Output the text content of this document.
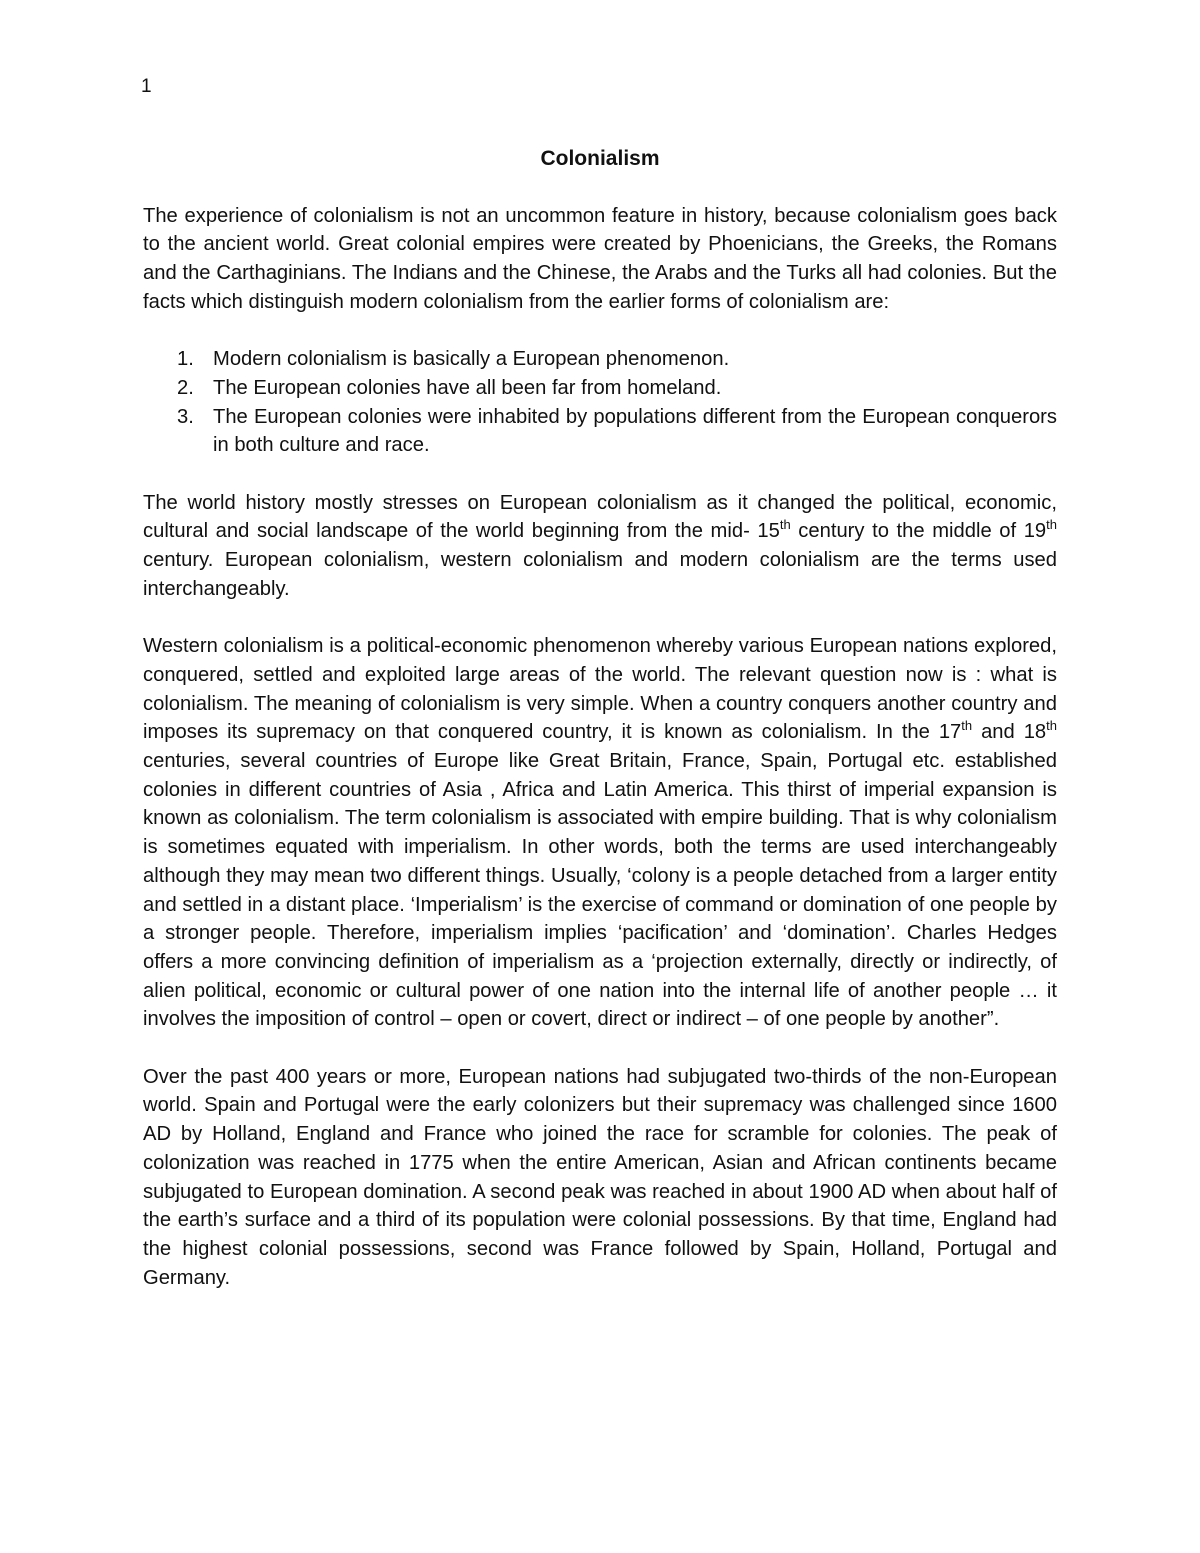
1
Colonialism

The experience of colonialism is not an uncommon feature in history, because colonialism goes back to the ancient world. Great colonial empires were created by Phoenicians, the Greeks, the Romans and the Carthaginians. The Indians and the Chinese, the Arabs and the Turks all had colonies. But the facts which distinguish modern colonialism from the earlier forms of colonialism are:

1. Modern colonialism is basically a European phenomenon.
2. The European colonies have all been far from homeland.
3. The European colonies were inhabited by populations different from the European conquerors in both culture and race.

The world history mostly stresses on European colonialism as it changed the political, economic, cultural and social landscape of the world beginning from the mid- 15th century to the middle of 19th century. European colonialism, western colonialism and modern colonialism are the terms used interchangeably.

Western colonialism is a political-economic phenomenon whereby various European nations explored, conquered, settled and exploited large areas of the world. The relevant question now is : what is colonialism. The meaning of colonialism is very simple. When a country conquers another country and imposes its supremacy on that conquered country, it is known as colonialism. In the 17th and 18th centuries, several countries of Europe like Great Britain, France, Spain, Portugal etc. established colonies in different countries of Asia , Africa and Latin America. This thirst of imperial expansion is known as colonialism. The term colonialism is associated with empire building. That is why colonialism is sometimes equated with imperialism. In other words, both the terms are used interchangeably although they may mean two different things. Usually, ‘colony is a people detached from a larger entity and settled in a distant place. ‘Imperialism’ is the exercise of command or domination of one people by a stronger people. Therefore, imperialism implies ‘pacification’ and ‘domination’. Charles Hedges offers a more convincing definition of imperialism as a ‘projection externally, directly or indirectly, of alien political, economic or cultural power of one nation into the internal life of another people … it involves the imposition of control – open or covert, direct or indirect – of one people by another”.

Over the past 400 years or more, European nations had subjugated two-thirds of the non-European world. Spain and Portugal were the early colonizers but their supremacy was challenged since 1600 AD by Holland, England and France who joined the race for scramble for colonies. The peak of colonization was reached in 1775 when the entire American, Asian and African continents became subjugated to European domination. A second peak was reached in about 1900 AD when about half of the earth’s surface and a third of its population were colonial possessions. By that time, England had the highest colonial possessions, second was France followed by Spain, Holland, Portugal and Germany.
